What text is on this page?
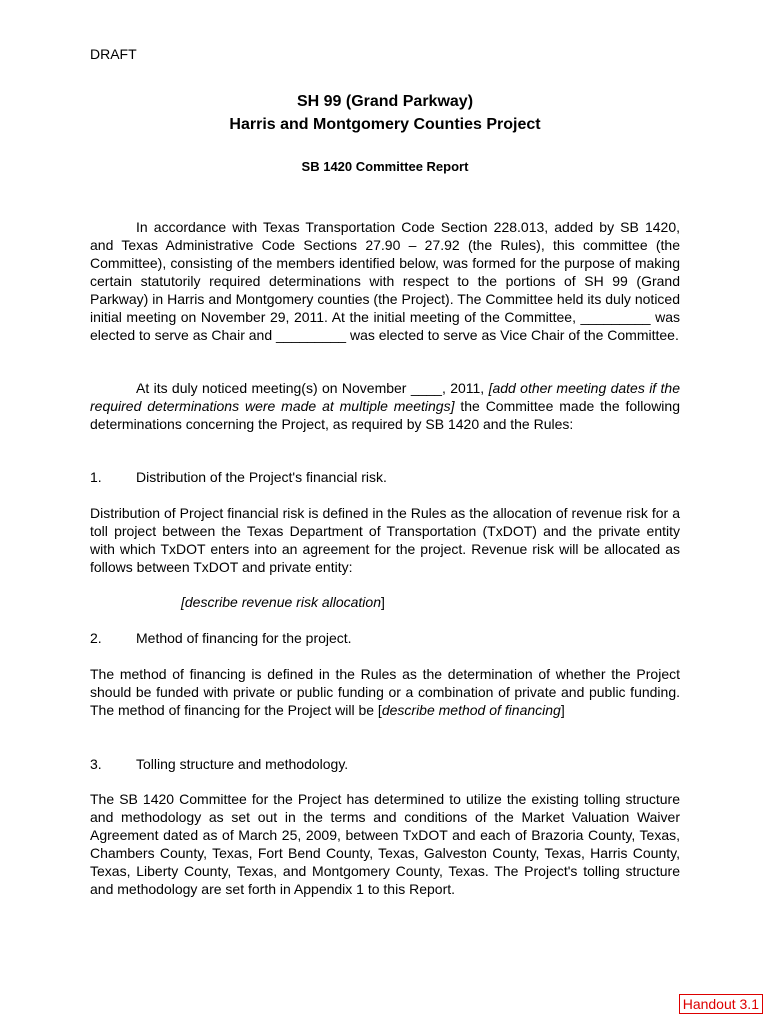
DRAFT
SH 99 (Grand Parkway)
Harris and Montgomery Counties Project
SB 1420 Committee Report

In accordance with Texas Transportation Code Section 228.013, added by SB 1420, and Texas Administrative Code Sections 27.90 – 27.92 (the Rules), this committee (the Committee), consisting of the members identified below, was formed for the purpose of making certain statutorily required determinations with respect to the portions of SH 99 (Grand Parkway) in Harris and Montgomery counties (the Project). The Committee held its duly noticed initial meeting on November 29, 2011. At the initial meeting of the Committee, _________ was elected to serve as Chair and _________ was elected to serve as Vice Chair of the Committee.

At its duly noticed meeting(s) on November ____, 2011, [add other meeting dates if the required determinations were made at multiple meetings] the Committee made the following determinations concerning the Project, as required by SB 1420 and the Rules:

1. Distribution of the Project's financial risk.

Distribution of Project financial risk is defined in the Rules as the allocation of revenue risk for a toll project between the Texas Department of Transportation (TxDOT) and the private entity with which TxDOT enters into an agreement for the project. Revenue risk will be allocated as follows between TxDOT and private entity:

[describe revenue risk allocation]
2. Method of financing for the project.

The method of financing is defined in the Rules as the determination of whether the Project should be funded with private or public funding or a combination of private and public funding. The method of financing for the Project will be [describe method of financing]

3. Tolling structure and methodology.

The SB 1420 Committee for the Project has determined to utilize the existing tolling structure and methodology as set out in the terms and conditions of the Market Valuation Waiver Agreement dated as of March 25, 2009, between TxDOT and each of Brazoria County, Texas, Chambers County, Texas, Fort Bend County, Texas, Galveston County, Texas, Harris County, Texas, Liberty County, Texas, and Montgomery County, Texas. The Project's tolling structure and methodology are set forth in Appendix 1 to this Report.

Handout 3.1
